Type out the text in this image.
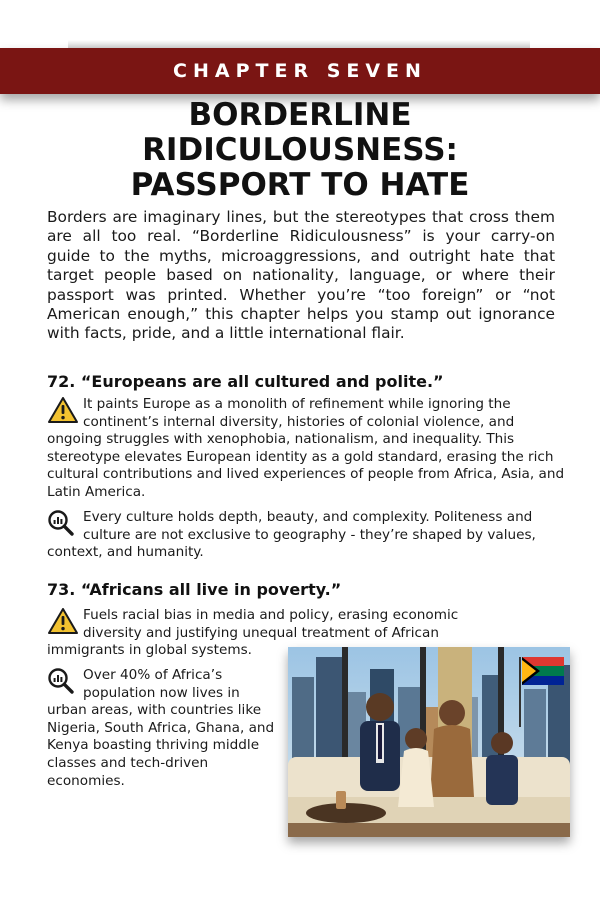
CHAPTER SEVEN
BORDERLINE
RIDICULOUSNESS:
PASSPORT TO HATE
Borders are imaginary lines, but the stereotypes that cross them are all too real. “Borderline Ridiculousness” is your carry-on guide to the myths, microaggressions, and outright hate that target people based on nationality, language, or where their passport was printed. Whether you’re “too foreign” or “not American enough,” this chapter helps you stamp out ignorance with facts, pride, and a little international flair.
72. “Europeans are all cultured and polite.”
It paints Europe as a monolith of refinement while ignoring the continent’s internal diversity, histories of colonial violence, and ongoing struggles with xenophobia, nationalism, and inequality. This stereotype elevates European identity as a gold standard, erasing the rich cultural contributions and lived experiences of people from Africa, Asia, and Latin America.
Every culture holds depth, beauty, and complexity. Politeness and culture are not exclusive to geography - they’re shaped by values, context, and humanity.
73. “Africans all live in poverty.”
Fuels racial bias in media and policy, erasing economic diversity and justifying unequal treatment of African immigrants in global systems.
Over 40% of Africa’s population now lives in urban areas, with countries like Nigeria, South Africa, Ghana, and Kenya boasting thriving middle classes and tech-driven economies.
